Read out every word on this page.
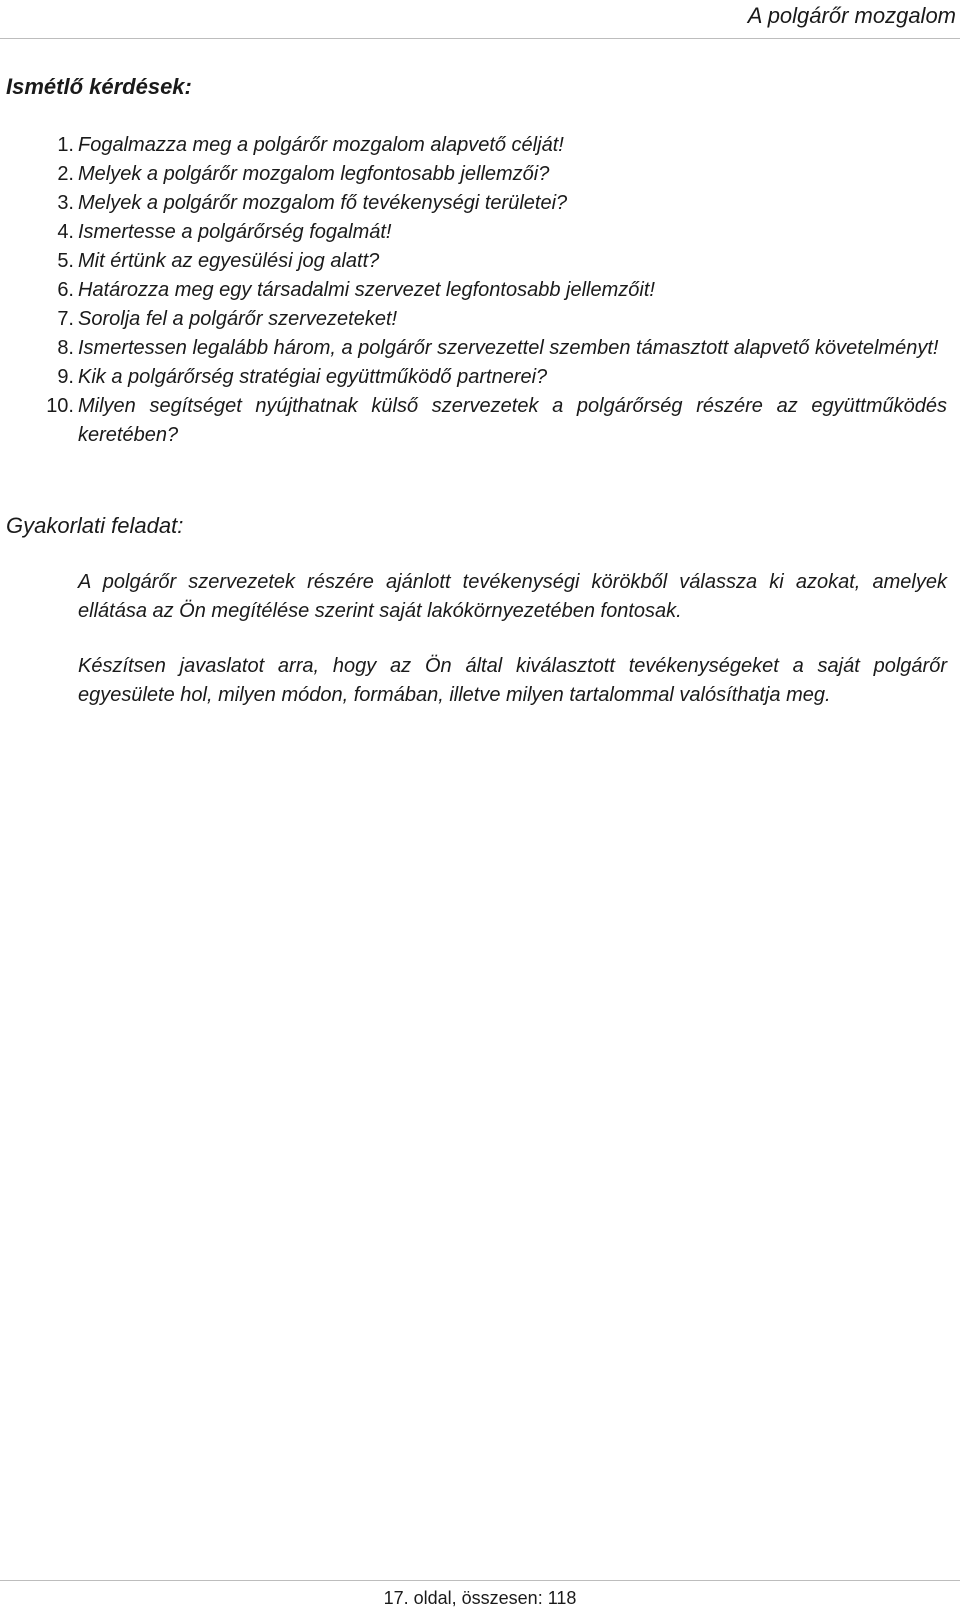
A polgárőr mozgalom
Ismétlő kérdések:
1. Fogalmazza meg a polgárőr mozgalom alapvető célját!
2. Melyek a polgárőr mozgalom legfontosabb jellemzői?
3. Melyek a polgárőr mozgalom fő tevékenységi területei?
4. Ismertesse a polgárőrség fogalmát!
5. Mit értünk az egyesülési jog alatt?
6. Határozza meg egy társadalmi szervezet legfontosabb jellemzőit!
7. Sorolja fel a polgárőr szervezeteket!
8. Ismertessen legalább három, a polgárőr szervezettel szemben támasztott alapvető követelményt!
9. Kik a polgárőrség stratégiai együttműködő partnerei?
10. Milyen segítséget nyújthatnak külső szervezetek a polgárőrség részére az együttműködés keretében?
Gyakorlati feladat:

A polgárőr szervezetek részére ajánlott tevékenységi körökből válassza ki azokat, amelyek ellátása az Ön megítélése szerint saját lakókörnyezetében fontosak.

Készítsen javaslatot arra, hogy az Ön által kiválasztott tevékenységeket a saját polgárőr egyesülete hol, milyen módon, formában, illetve milyen tartalommal valósíthatja meg.

17. oldal, összesen: 118
